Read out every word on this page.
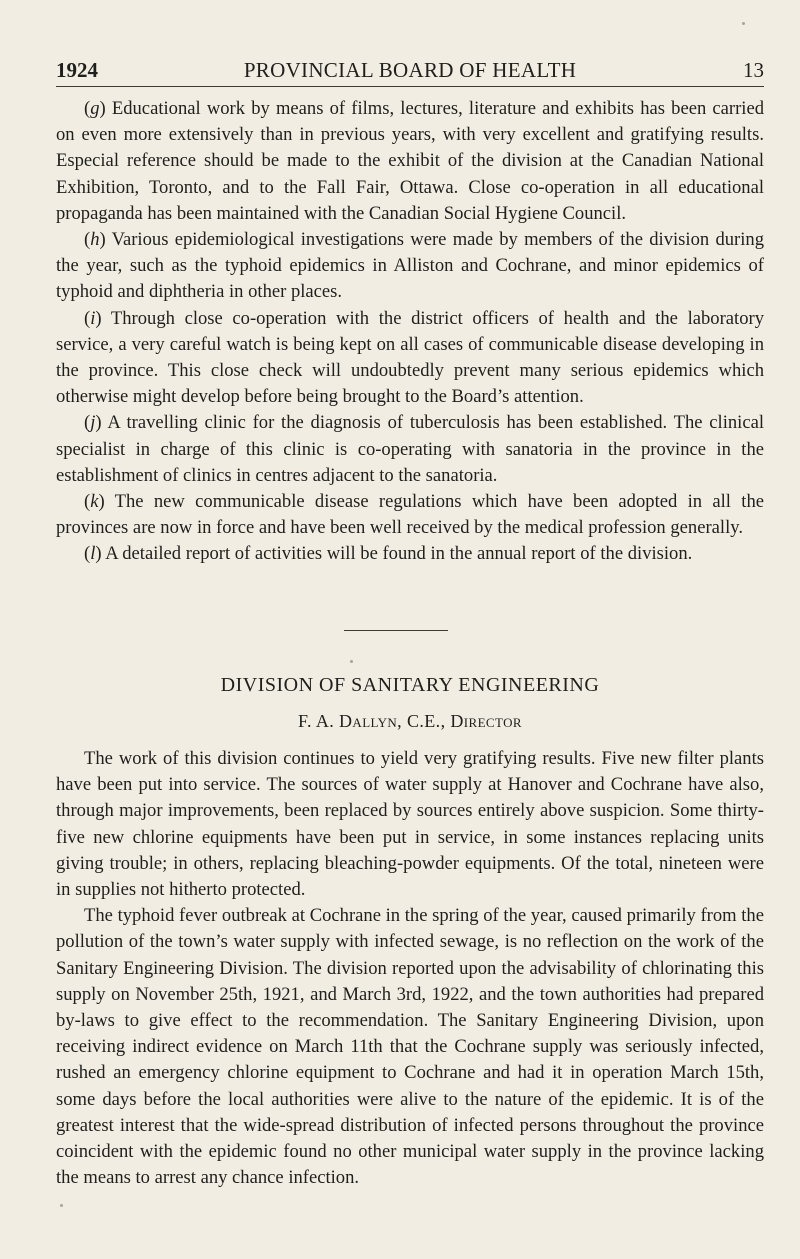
1924	PROVINCIAL BOARD OF HEALTH	13

(g) Educational work by means of films, lectures, literature and exhibits has been carried on even more extensively than in previous years, with very excellent and gratifying results. Especial reference should be made to the exhibit of the division at the Canadian National Exhibition, Toronto, and to the Fall Fair, Ottawa. Close co-operation in all educational propaganda has been maintained with the Canadian Social Hygiene Council.

(h) Various epidemiological investigations were made by members of the division during the year, such as the typhoid epidemics in Alliston and Cochrane, and minor epidemics of typhoid and diphtheria in other places.

(i) Through close co-operation with the district officers of health and the laboratory service, a very careful watch is being kept on all cases of communicable disease developing in the province. This close check will undoubtedly prevent many serious epidemics which otherwise might develop before being brought to the Board’s attention.

(j) A travelling clinic for the diagnosis of tuberculosis has been established. The clinical specialist in charge of this clinic is co-operating with sanatoria in the province in the establishment of clinics in centres adjacent to the sanatoria.

(k) The new communicable disease regulations which have been adopted in all the provinces are now in force and have been well received by the medical profession generally.

(l) A detailed report of activities will be found in the annual report of the division.

DIVISION OF SANITARY ENGINEERING
F. A. Dallyn, C.E., Director

The work of this division continues to yield very gratifying results. Five new filter plants have been put into service. The sources of water supply at Hanover and Cochrane have also, through major improvements, been replaced by sources entirely above suspicion. Some thirty-five new chlorine equipments have been put in service, in some instances replacing units giving trouble; in others, replacing bleaching-powder equipments. Of the total, nineteen were in supplies not hitherto protected.

The typhoid fever outbreak at Cochrane in the spring of the year, caused primarily from the pollution of the town’s water supply with infected sewage, is no reflection on the work of the Sanitary Engineering Division. The division reported upon the advisability of chlorinating this supply on November 25th, 1921, and March 3rd, 1922, and the town authorities had prepared by-laws to give effect to the recommendation. The Sanitary Engineering Division, upon receiving indirect evidence on March 11th that the Cochrane supply was seriously infected, rushed an emergency chlorine equipment to Cochrane and had it in operation March 15th, some days before the local authorities were alive to the nature of the epidemic. It is of the greatest interest that the wide-spread distribution of infected persons throughout the province coincident with the epidemic found no other municipal water supply in the province lacking the means to arrest any chance infection.
